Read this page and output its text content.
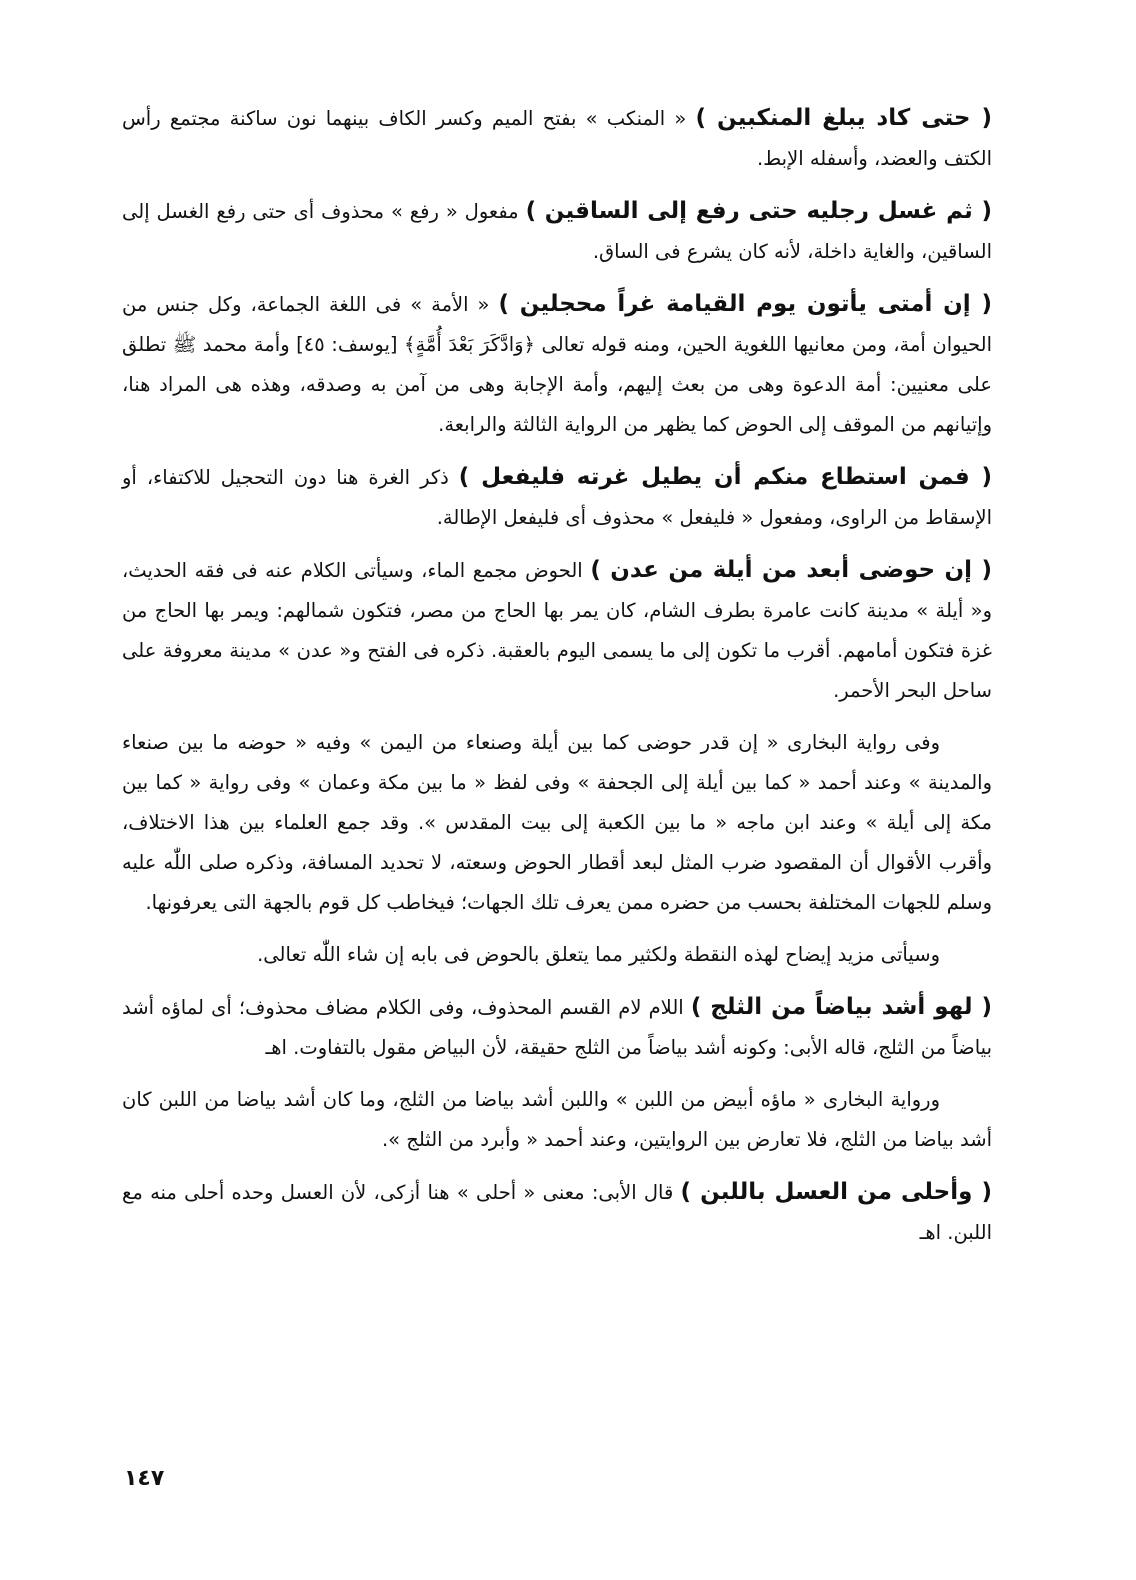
( حتى كاد يبلغ المنكبين ) « المنكب » بفتح الميم وكسر الكاف بينهما نون ساكنة مجتمع رأس الكتف والعضد، وأسفله الإبط.

( ثم غسل رجليه حتى رفع إلى الساقين ) مفعول « رفع » محذوف أى حتى رفع الغسل إلى الساقين، والغاية داخلة، لأنه كان يشرع فى الساق.

( إن أمتى يأتون يوم القيامة غراً محجلين ) « الأمة » فى اللغة الجماعة، وكل جنس من الحيوان أمة، ومن معانيها اللغوية الحين، ومنه قوله تعالى ﴿وَادَّكَرَ بَعْدَ أُمَّةٍ﴾ [يوسف: ٤٥] وأمة محمد ﷺ تطلق على معنيين: أمة الدعوة وهى من بعث إليهم، وأمة الإجابة وهى من آمن به وصدقه، وهذه هى المراد هنا، وإتيانهم من الموقف إلى الحوض كما يظهر من الرواية الثالثة والرابعة.

( فمن استطاع منكم أن يطيل غرته فليفعل ) ذكر الغرة هنا دون التحجيل للاكتفاء، أو الإسقاط من الراوى، ومفعول « فليفعل » محذوف أى فليفعل الإطالة.

( إن حوضى أبعد من أيلة من عدن ) الحوض مجمع الماء، وسيأتى الكلام عنه فى فقه الحديث، و« أيلة » مدينة كانت عامرة بطرف الشام، كان يمر بها الحاج من مصر، فتكون شمالهم: ويمر بها الحاج من غزة فتكون أمامهم. أقرب ما تكون إلى ما يسمى اليوم بالعقبة. ذكره فى الفتح و« عدن » مدينة معروفة على ساحل البحر الأحمر.

وفى رواية البخارى « إن قدر حوضى كما بين أيلة وصنعاء من اليمن » وفيه « حوضه ما بين صنعاء والمدينة » وعند أحمد « كما بين أيلة إلى الجحفة » وفى لفظ « ما بين مكة وعمان » وفى رواية « كما بين مكة إلى أيلة » وعند ابن ماجه « ما بين الكعبة إلى بيت المقدس ». وقد جمع العلماء بين هذا الاختلاف، وأقرب الأقوال أن المقصود ضرب المثل لبعد أقطار الحوض وسعته، لا تحديد المسافة، وذكره صلى اللّٰه عليه وسلم للجهات المختلفة بحسب من حضره ممن يعرف تلك الجهات؛ فيخاطب كل قوم بالجهة التى يعرفونها.

وسيأتى مزيد إيضاح لهذه النقطة ولكثير مما يتعلق بالحوض فى بابه إن شاء اللّٰه تعالى.

( لهو أشد بياضاً من الثلج ) اللام لام القسم المحذوف، وفى الكلام مضاف محذوف؛ أى لماؤه أشد بياضاً من الثلج، قاله الأبى: وكونه أشد بياضاً من الثلج حقيقة، لأن البياض مقول بالتفاوت. اهـ

ورواية البخارى « ماؤه أبيض من اللبن » واللبن أشد بياضا من الثلج، وما كان أشد بياضا من اللبن كان أشد بياضا من الثلج، فلا تعارض بين الروايتين، وعند أحمد « وأبرد من الثلج ».

( وأحلى من العسل باللبن ) قال الأبى: معنى « أحلى » هنا أزكى، لأن العسل وحده أحلى منه مع اللبن. اهـ

١٤٧
